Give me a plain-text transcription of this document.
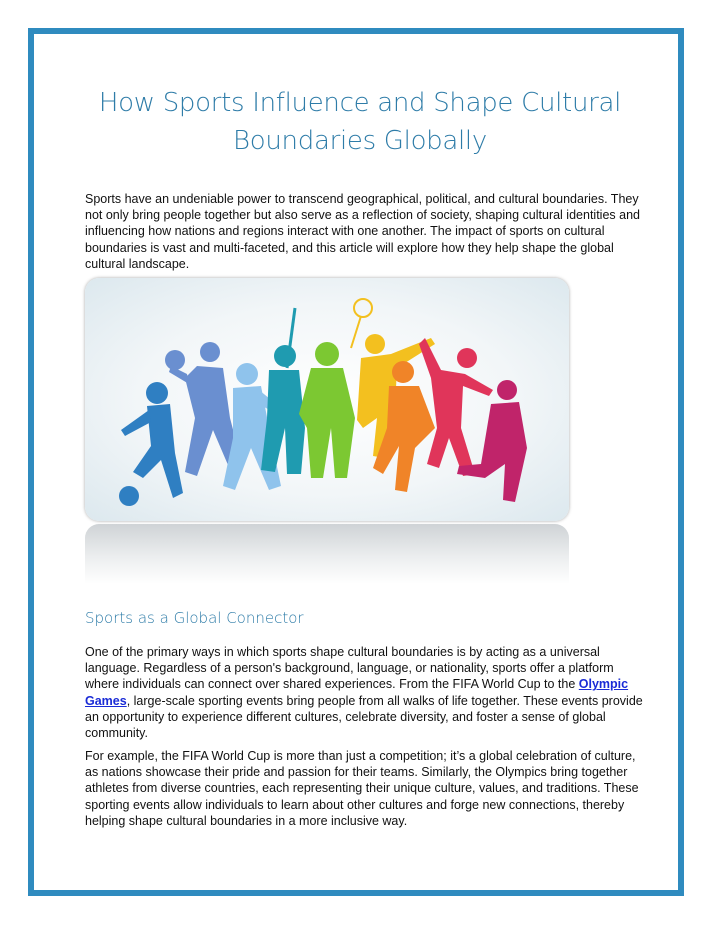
How Sports Influence and Shape Cultural
Boundaries Globally

Sports have an undeniable power to transcend geographical, political, and cultural boundaries. They not only bring people together but also serve as a reflection of society, shaping cultural identities and influencing how nations and regions interact with one another. The impact of sports on cultural boundaries is vast and multi-faceted, and this article will explore how they help shape the global cultural landscape.

Sports as a Global Connector

One of the primary ways in which sports shape cultural boundaries is by acting as a universal language. Regardless of a person's background, language, or nationality, sports offer a platform where individuals can connect over shared experiences. From the FIFA World Cup to the Olympic Games, large-scale sporting events bring people from all walks of life together. These events provide an opportunity to experience different cultures, celebrate diversity, and foster a sense of global community.

For example, the FIFA World Cup is more than just a competition; it’s a global celebration of culture, as nations showcase their pride and passion for their teams. Similarly, the Olympics bring together athletes from diverse countries, each representing their unique culture, values, and traditions. These sporting events allow individuals to learn about other cultures and forge new connections, thereby helping shape cultural boundaries in a more inclusive way.
